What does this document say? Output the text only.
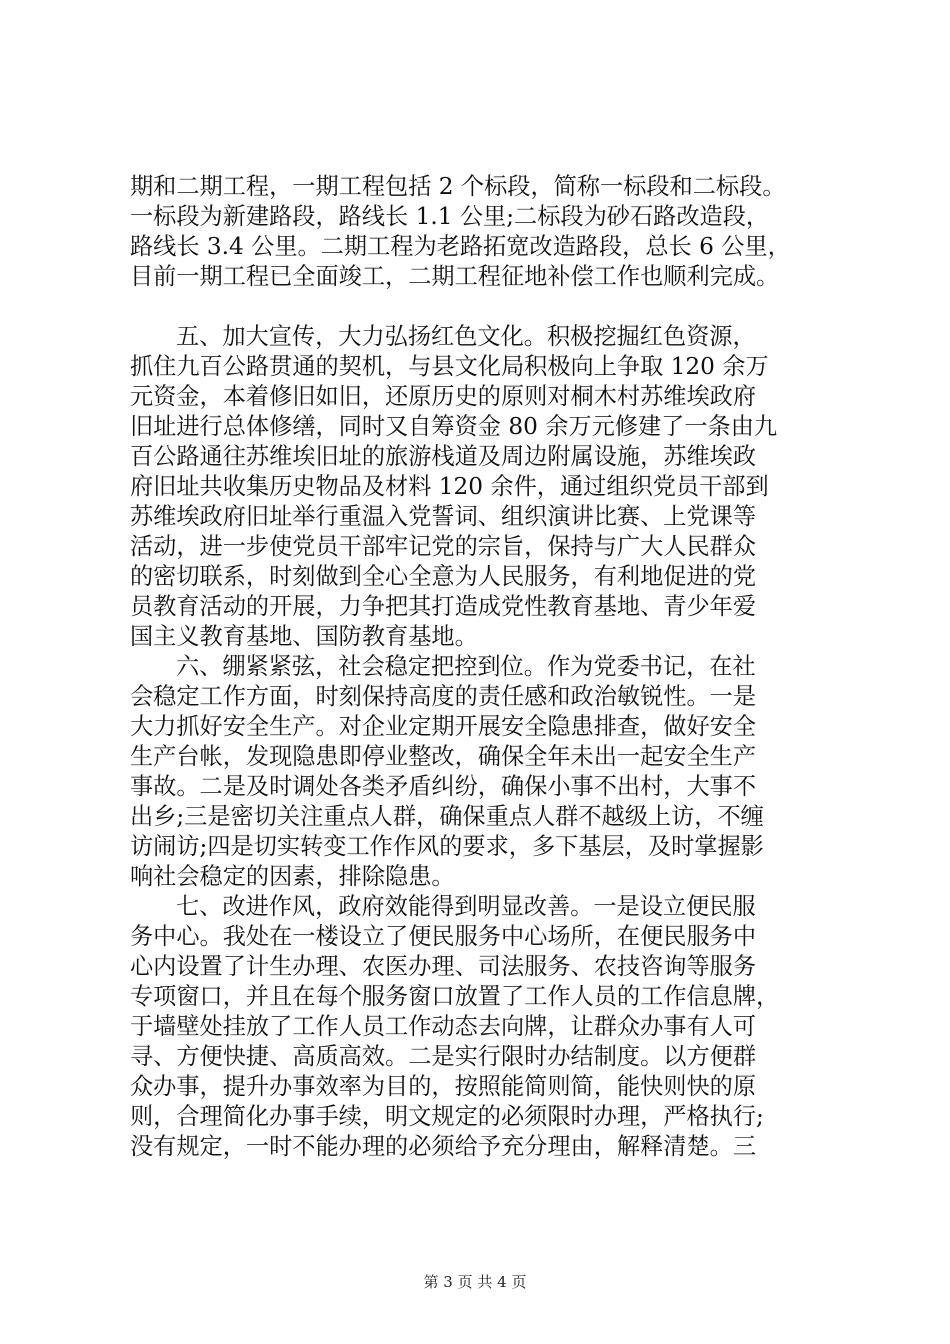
期和二期工程，一期工程包括 2 个标段，简称一标段和二标段。
一标段为新建路段，路线长 1.1 公里;二标段为砂石路改造段，
路线长 3.4 公里。二期工程为老路拓宽改造路段，总长 6 公里，
目前一期工程已全面竣工，二期工程征地补偿工作也顺利完成。
五、加大宣传，大力弘扬红色文化。积极挖掘红色资源，
抓住九百公路贯通的契机，与县文化局积极向上争取 120 余万
元资金，本着修旧如旧，还原历史的原则对桐木村苏维埃政府
旧址进行总体修缮，同时又自筹资金 80 余万元修建了一条由九
百公路通往苏维埃旧址的旅游栈道及周边附属设施，苏维埃政
府旧址共收集历史物品及材料 120 余件，通过组织党员干部到
苏维埃政府旧址举行重温入党誓词、组织演讲比赛、上党课等
活动，进一步使党员干部牢记党的宗旨，保持与广大人民群众
的密切联系，时刻做到全心全意为人民服务，有利地促进的党
员教育活动的开展，力争把其打造成党性教育基地、青少年爱
国主义教育基地、国防教育基地。
六、绷紧紧弦，社会稳定把控到位。作为党委书记，在社
会稳定工作方面，时刻保持高度的责任感和政治敏锐性。一是
大力抓好安全生产。对企业定期开展安全隐患排查，做好安全
生产台帐，发现隐患即停业整改，确保全年未出一起安全生产
事故。二是及时调处各类矛盾纠纷，确保小事不出村，大事不
出乡;三是密切关注重点人群，确保重点人群不越级上访，不缠
访闹访;四是切实转变工作作风的要求，多下基层，及时掌握影
响社会稳定的因素，排除隐患。
七、改进作风，政府效能得到明显改善。一是设立便民服
务中心。我处在一楼设立了便民服务中心场所，在便民服务中
心内设置了计生办理、农医办理、司法服务、农技咨询等服务
专项窗口，并且在每个服务窗口放置了工作人员的工作信息牌，
于墙壁处挂放了工作人员工作动态去向牌，让群众办事有人可
寻、方便快捷、高质高效。二是实行限时办结制度。以方便群
众办事，提升办事效率为目的，按照能简则简，能快则快的原
则，合理简化办事手续，明文规定的必须限时办理，严格执行;
没有规定，一时不能办理的必须给予充分理由，解释清楚。三
第 3 页 共 4 页
